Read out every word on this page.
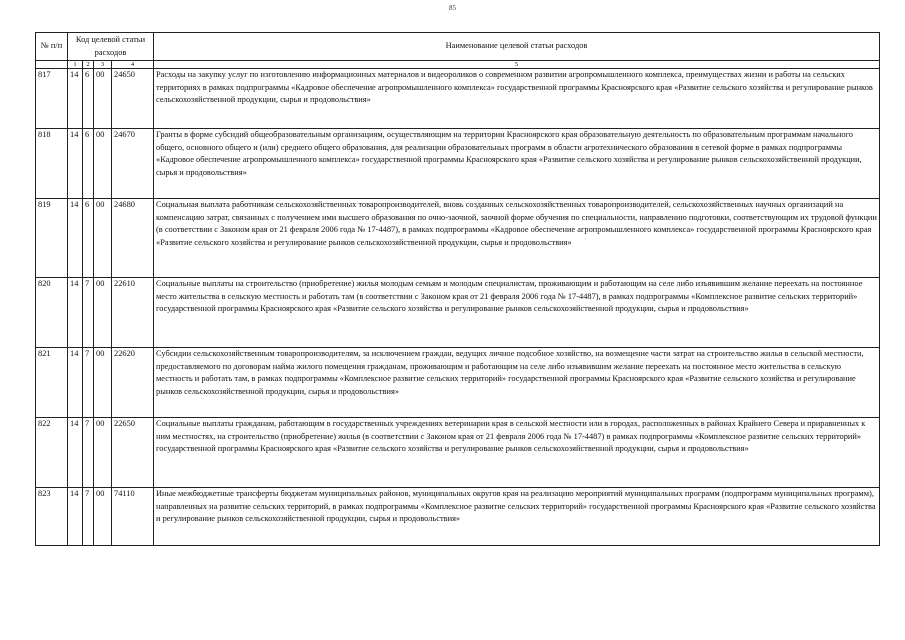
85
№ п/п	Код целевой статьи расходов				Наименование целевой статьи расходов
	1	2	3	4	5
817	14	6	00	24650	Расходы на закупку услуг по изготовлению информационных материалов и видеороликов о современном развитии агропромышленного комплекса, преимуществах жизни и работы на сельских территориях в рамках подпрограммы «Кадровое обеспечение агропромышленного комплекса» государственной программы Красноярского края «Развитие сельского хозяйства и регулирование рынков сельскохозяйственной продукции, сырья и продовольствия»
818	14	6	00	24670	Гранты в форме субсидий общеобразовательным организациям, осуществляющим на территории Красноярского края образовательную деятельность по образовательным программам начального общего, основного общего и (или) среднего общего образования, для реализации образовательных программ в области агротехнического образования в сетевой форме в рамках подпрограммы «Кадровое обеспечение агропромышленного комплекса» государственной программы Красноярского края «Развитие сельского хозяйства и регулирование рынков сельскохозяйственной продукции, сырья и продовольствия»
819	14	6	00	24680	Социальная выплата работникам сельскохозяйственных товаропроизводителей, вновь созданных сельскохозяйственных товаропроизводителей, сельскохозяйственных научных организаций на компенсацию затрат, связанных с получением ими высшего образования по очно-заочной, заочной форме обучения по специальности, направлению подготовки, соответствующим их трудовой функции (в соответствии с Законом края от 21 февраля 2006 года № 17-4487), в рамках подпрограммы «Кадровое обеспечение агропромышленного комплекса» государственной программы Красноярского края «Развитие сельского хозяйства и регулирование рынков сельскохозяйственной продукции, сырья и продовольствия»
820	14	7	00	22610	Социальные выплаты на строительство (приобретение) жилья молодым семьям и молодым специалистам, проживающим и работающим на селе либо изъявившим желание переехать на постоянное место жительства в сельскую местность и работать там (в соответствии с Законом края от 21 февраля 2006 года № 17-4487), в рамках подпрограммы «Комплексное развитие сельских территорий» государственной программы Красноярского края «Развитие сельского хозяйства и регулирование рынков сельскохозяйственной продукции, сырья и продовольствия»
821	14	7	00	22620	Субсидии сельскохозяйственным товаропроизводителям, за исключением граждан, ведущих личное подсобное хозяйство, на возмещение части затрат на строительство жилья в сельской местности, предоставляемого по договорам найма жилого помещения гражданам, проживающим и работающим на селе либо изъявившим желание переехать на постоянное место жительства в сельскую местность и работать там, в рамках подпрограммы «Комплексное развитие сельских территорий» государственной программы Красноярского края «Развитие сельского хозяйства и регулирование рынков сельскохозяйственной продукции, сырья и продовольствия»
822	14	7	00	22650	Социальные выплаты гражданам, работающим в государственных учреждениях ветеринарии края в сельской местности или в городах, расположенных в районах Крайнего Севера и приравненных к ним местностях, на строительство (приобретение) жилья (в соответствии с Законом края от 21 февраля 2006 года № 17-4487) в рамках подпрограммы «Комплексное развитие сельских территорий» государственной программы Красноярского края «Развитие сельского хозяйства и регулирование рынков сельскохозяйственной продукции, сырья и продовольствия»
823	14	7	00	74110	Иные межбюджетные трансферты бюджетам муниципальных районов, муниципальных округов края на реализацию мероприятий муниципальных программ (подпрограмм муниципальных программ), направленных на развитие сельских территорий, в рамках подпрограммы «Комплексное развитие сельских территорий» государственной программы Красноярского края «Развитие сельского хозяйства и регулирование рынков сельскохозяйственной продукции, сырья и продовольствия»
